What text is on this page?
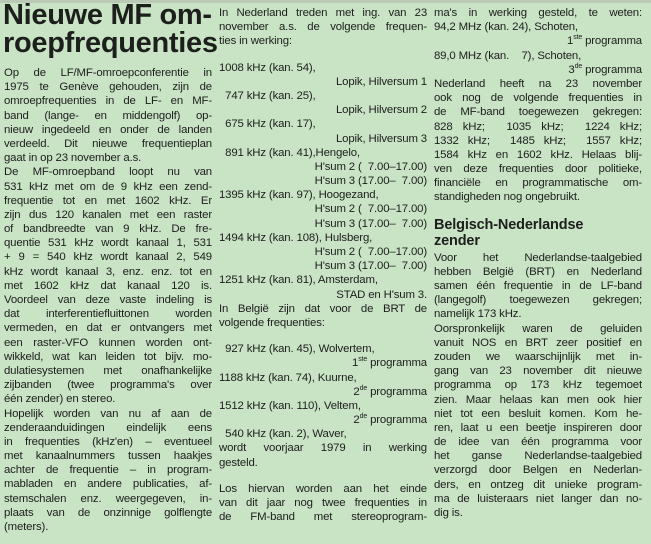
Nieuwe MF om-
roepfrequenties
Op de LF/MF-omroepconferentie in
1975 te Genève gehouden, zijn de
omroepfrequenties in de LF- en MF-
band (lange- en middengolf) op-
nieuw ingedeeld en onder de landen
verdeeld. Dit nieuwe frequentieplan
gaat in op 23 november a.s.
De MF-omroepband loopt nu van
531 kHz met om de 9 kHz een zend-
frequentie tot en met 1602 kHz. Er
zijn dus 120 kanalen met een raster
of bandbreedte van 9 kHz. De fre-
quentie 531 kHz wordt kanaal 1, 531
+ 9 = 540 kHz wordt kanaal 2, 549
kHz wordt kanaal 3, enz. enz. tot en
met 1602 kHz dat kanaal 120 is.
Voordeel van deze vaste indeling is
dat interferentiefluittonen worden
vermeden, en dat er ontvangers met
een raster-VFO kunnen worden ont-
wikkeld, wat kan leiden tot bijv. mo-
dulatiesystemen met onafhankelijke
zijbanden (twee programma's over
één zender) en stereo.
Hopelijk worden van nu af aan de
zenderaanduidingen eindelijk eens
in frequenties (kHz'en) – eventueel
met kanaalnummers tussen haakjes
achter de frequentie – in program-
mabladen en andere publicaties, af-
stemschalen enz. weergegeven, in-
plaats van de onzinnige golflengte
(meters).
In Nederland treden met ing. van 23
november a.s. de volgende frequen-
ties in werking:
1008 kHz (kan. 54),
Lopik, Hilversum 1
 747 kHz (kan. 25),
Lopik, Hilversum 2
 675 kHz (kan. 17),
Lopik, Hilversum 3
 891 kHz (kan. 41),Hengelo,
H'sum 2 ( 7.00–17.00)
H'sum 3 (17.00– 7.00)
1395 kHz (kan. 97), Hoogezand,
H'sum 2 ( 7.00–17.00)
H'sum 3 (17.00– 7.00)
1494 kHz (kan. 108), Hulsberg,
H'sum 2 ( 7.00–17.00)
H'sum 3 (17.00– 7.00)
1251 kHz (kan. 81), Amsterdam,
STAD en H'sum 3.
In België zijn dat voor de BRT de
volgende frequenties:
 927 kHz (kan. 45), Wolvertem,
1ste programma
1188 kHz (kan. 74), Kuurne,
2de programma
1512 kHz (kan. 110), Veltem,
2de programma
 540 kHz (kan. 2), Waver,
wordt voorjaar 1979 in werking
gesteld.
Los hiervan worden aan het einde
van dit jaar nog twee frequenties in
de FM-band met stereoprogram-
ma's in werking gesteld, te weten:
94,2 MHz (kan. 24), Schoten,
1ste programma
89,0 MHz (kan.  7), Schoten,
3de programma
Nederland heeft na 23 november
ook nog de volgende frequenties in
de MF-band toegewezen gekregen:
828 kHz;  1035 kHz;  1224 kHz;
1332 kHz;  1485 kHz;  1557 kHz;
1584 kHz en 1602 kHz. Helaas blij-
ven deze frequenties door politieke,
financiële en programmatische om-
standigheden nog ongebruikt.
Belgisch-Nederlandse
zender
Voor het Nederlandse-taalgebied
hebben België (BRT) en Nederland
samen één frequentie in de LF-band
(langegolf) toegewezen gekregen;
namelijk 173 kHz.
Oorspronkelijk waren de geluiden
vanuit NOS en BRT zeer positief en
zouden we waarschijnlijk met in-
gang van 23 november dit nieuwe
programma op 173 kHz tegemoet
zien. Maar helaas kan men ook hier
niet tot een besluit komen. Kom he-
ren, laat u een beetje inspireren door
de idee van één programma voor
het ganse Nederlandse-taalgebied
verzorgd door Belgen en Nederlan-
ders, en ontzeg dit unieke program-
ma de luisteraars niet langer dan no-
dig is.
